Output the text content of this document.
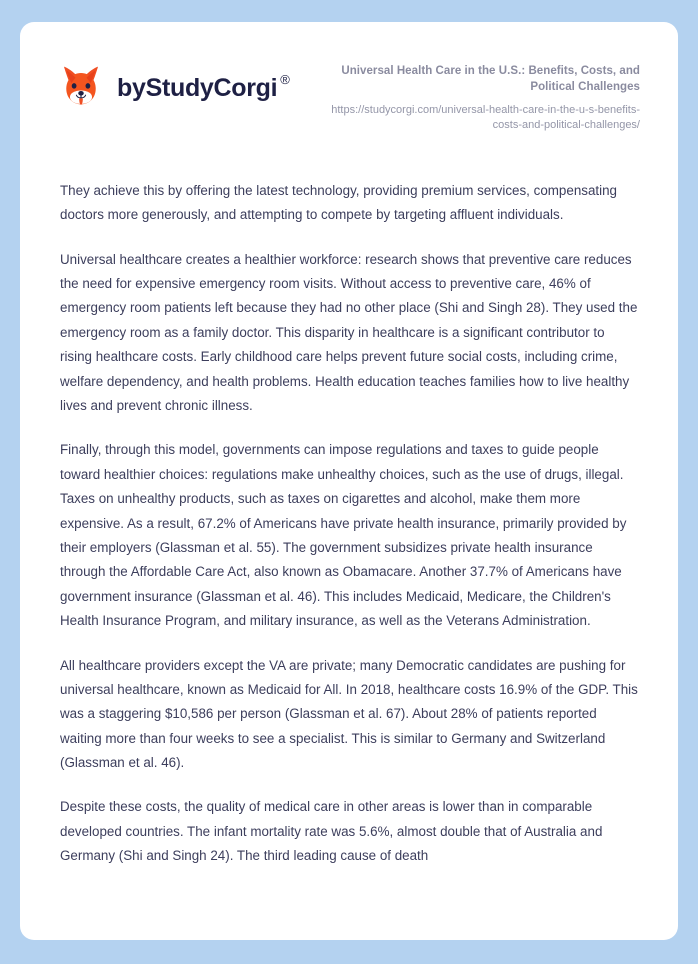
by StudyCorgi ®
Universal Health Care in the U.S.: Benefits, Costs, and Political Challenges
https://studycorgi.com/universal-health-care-in-the-u-s-benefits-costs-and-political-challenges/

They achieve this by offering the latest technology, providing premium services, compensating doctors more generously, and attempting to compete by targeting affluent individuals.

Universal healthcare creates a healthier workforce: research shows that preventive care reduces the need for expensive emergency room visits. Without access to preventive care, 46% of emergency room patients left because they had no other place (Shi and Singh 28). They used the emergency room as a family doctor. This disparity in healthcare is a significant contributor to rising healthcare costs. Early childhood care helps prevent future social costs, including crime, welfare dependency, and health problems. Health education teaches families how to live healthy lives and prevent chronic illness.

Finally, through this model, governments can impose regulations and taxes to guide people toward healthier choices: regulations make unhealthy choices, such as the use of drugs, illegal. Taxes on unhealthy products, such as taxes on cigarettes and alcohol, make them more expensive. As a result, 67.2% of Americans have private health insurance, primarily provided by their employers (Glassman et al. 55). The government subsidizes private health insurance through the Affordable Care Act, also known as Obamacare. Another 37.7% of Americans have government insurance (Glassman et al. 46). This includes Medicaid, Medicare, the Children's Health Insurance Program, and military insurance, as well as the Veterans Administration.

All healthcare providers except the VA are private; many Democratic candidates are pushing for universal healthcare, known as Medicaid for All. In 2018, healthcare costs 16.9% of the GDP. This was a staggering $10,586 per person (Glassman et al. 67). About 28% of patients reported waiting more than four weeks to see a specialist. This is similar to Germany and Switzerland (Glassman et al. 46).

Despite these costs, the quality of medical care in other areas is lower than in comparable developed countries. The infant mortality rate was 5.6%, almost double that of Australia and Germany (Shi and Singh 24). The third leading cause of death
